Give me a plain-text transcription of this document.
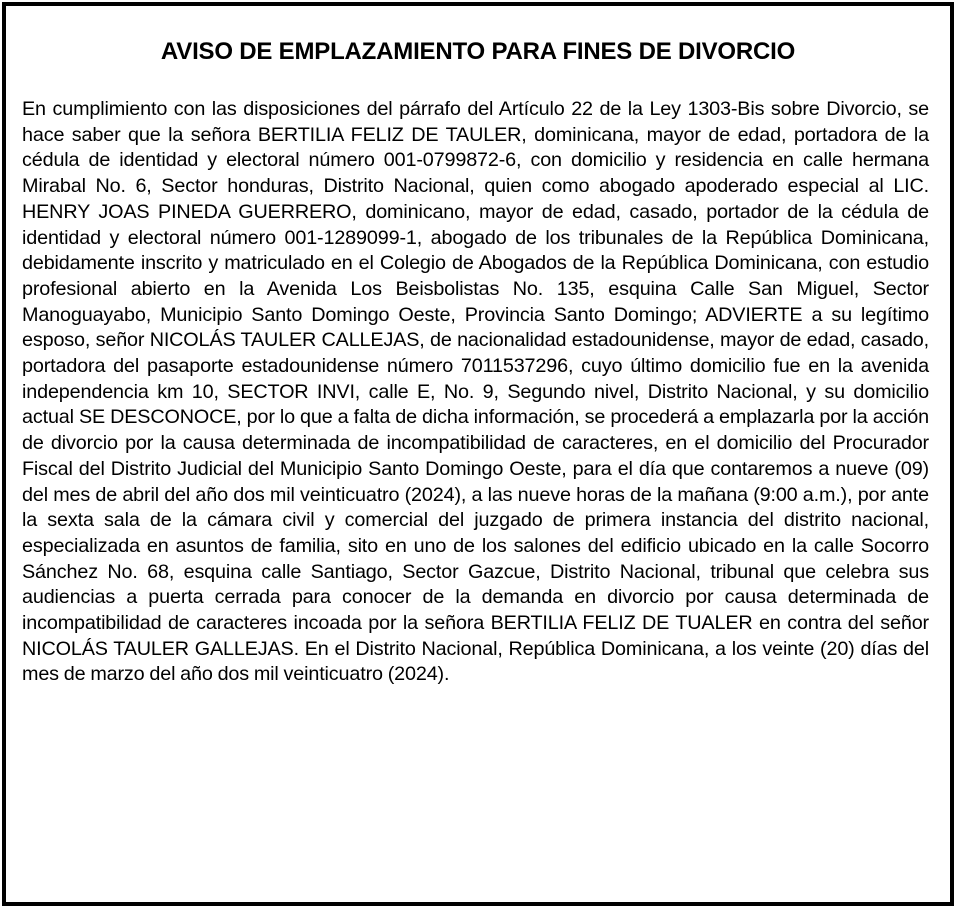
AVISO DE EMPLAZAMIENTO PARA FINES DE DIVORCIO

En cumplimiento con las disposiciones del párrafo del Artículo 22 de la Ley 1303-Bis sobre Divorcio, se hace saber que la señora BERTILIA FELIZ DE TAULER, dominicana, mayor de edad, portadora de la cédula de identidad y electoral número 001-0799872-6, con domicilio y residencia en calle hermana Mirabal No. 6, Sector honduras, Distrito Nacional, quien como abogado apoderado especial al LIC. HENRY JOAS PINEDA GUERRERO, dominicano, mayor de edad, casado, portador de la cédula de identidad y electoral número 001-1289099-1, abogado de los tribunales de la República Dominicana, debidamente inscrito y matriculado en el Colegio de Abogados de la República Dominicana, con estudio profesional abierto en la Avenida Los Beisbolistas No. 135, esquina Calle San Miguel, Sector Manoguayabo, Municipio Santo Domingo Oeste, Provincia Santo Domingo; ADVIERTE a su legítimo esposo, señor NICOLÁS TAULER CALLEJAS, de nacionalidad estadounidense, mayor de edad, casado, portadora del pasaporte estadounidense número 7011537296, cuyo último domicilio fue en la avenida independencia km 10, SECTOR INVI, calle E, No. 9, Segundo nivel, Distrito Nacional, y su domicilio actual SE DESCONOCE, por lo que a falta de dicha información, se procederá a emplazarla por la acción de divorcio por la causa determinada de incompatibilidad de caracteres, en el domicilio del Procurador Fiscal del Distrito Judicial del Municipio Santo Domingo Oeste, para el día que contaremos a nueve (09) del mes de abril del año dos mil veinticuatro (2024), a las nueve horas de la mañana (9:00 a.m.), por ante la sexta sala de la cámara civil y comercial del juzgado de primera instancia del distrito nacional, especializada en asuntos de familia, sito en uno de los salones del edificio ubicado en la calle Socorro Sánchez No. 68, esquina calle Santiago, Sector Gazcue, Distrito Nacional, tribunal que celebra sus audiencias a puerta cerrada para conocer de la demanda en divorcio por causa determinada de incompatibilidad de caracteres incoada por la señora BERTILIA FELIZ DE TUALER en contra del señor NICOLÁS TAULER GALLEJAS. En el Distrito Nacional, República Dominicana, a los veinte (20) días del mes de marzo del año dos mil veinticuatro (2024).
